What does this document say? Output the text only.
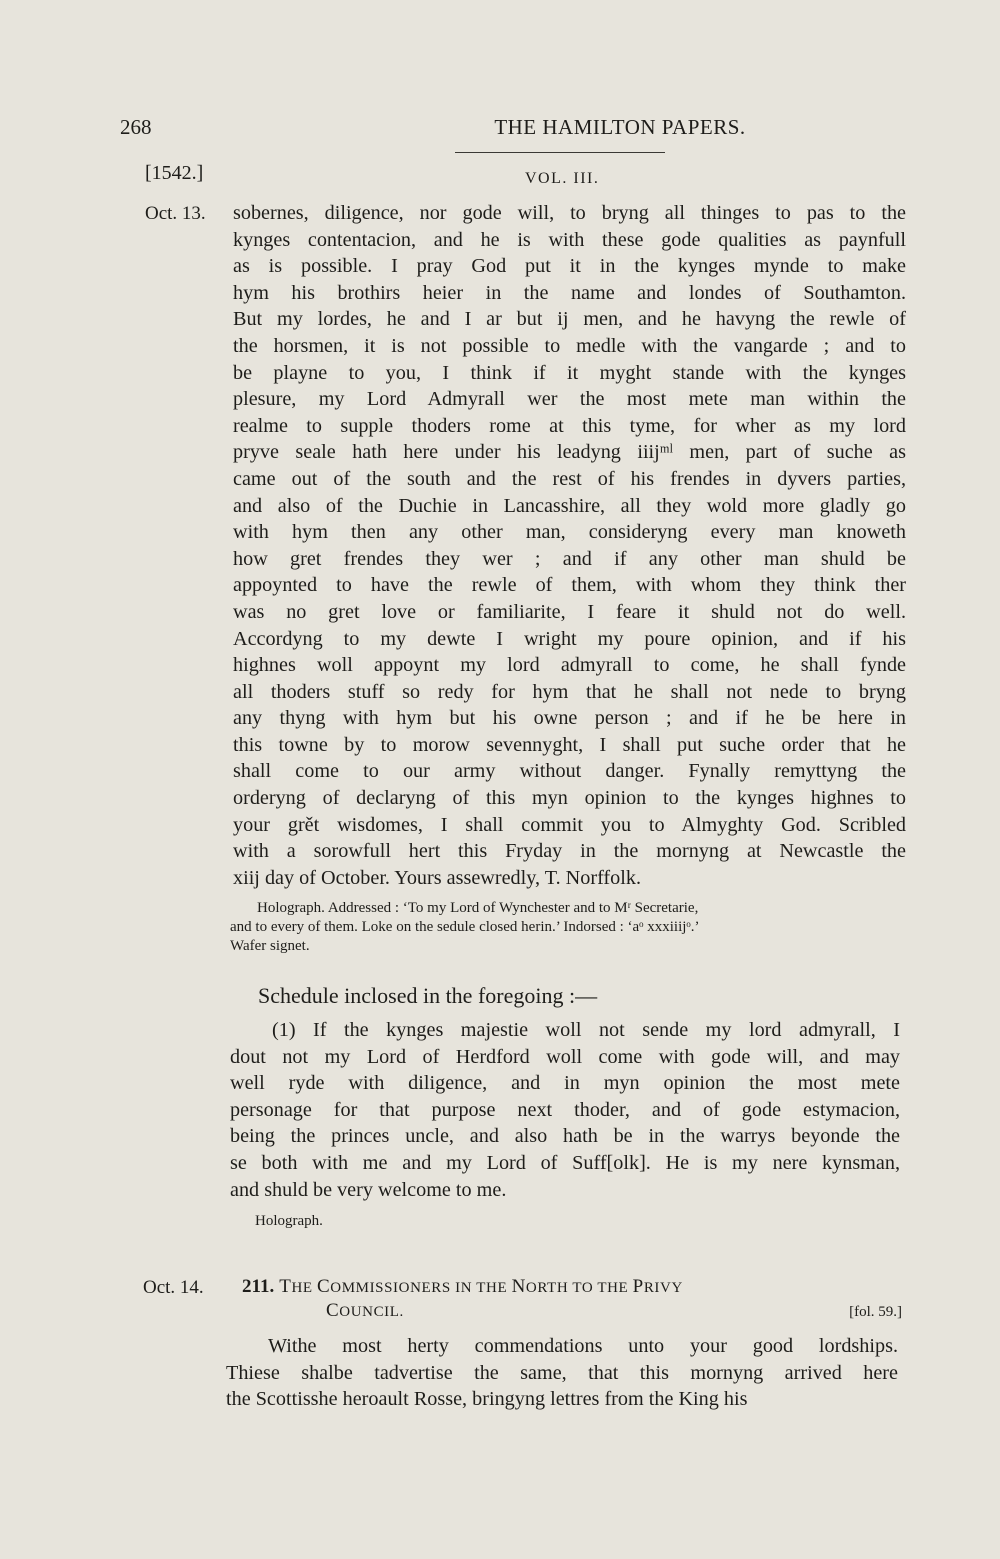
268	THE HAMILTON PAPERS.
[1542.]	VOL. III.
Oct. 13. sobernes, diligence, nor gode will, to bryng all thinges to pas to the
kynges contentacion, and he is with these gode qualities as paynfull
as is possible. I pray God put it in the kynges mynde to make
hym his brothirs heier in the name and londes of Southamton.
But my lordes, he and I ar but ij men, and he havyng the rewle of
the horsmen, it is not possible to medle with the vangarde ; and to
be playne to you, I think if it myght stande with the kynges
plesure, my Lord Admyrall wer the most mete man within the
realme to supple thoders rome at this tyme, for wher as my lord
pryve seale hath here under his leadyng iiijᵐˡ men, part of suche as
came out of the south and the rest of his frendes in dyvers parties,
and also of the Duchie in Lancasshire, all they wold more gladly go
with hym then any other man, consideryng every man knoweth
how gret frendes they wer ; and if any other man shuld be
appoynted to have the rewle of them, with whom they think ther
was no gret love or familiarite, I feare it shuld not do well.
Accordyng to my dewte I wright my poure opinion, and if his
highnes woll appoynt my lord admyrall to come, he shall fynde
all thoders stuff so redy for hym that he shall not nede to bryng
any thyng with hym but his owne person ; and if he be here in
this towne by to morow sevennyght, I shall put suche order that he
shall come to our army without danger. Fynally remyttyng the
orderyng of declaryng of this myn opinion to the kynges highnes to
your grět wisdomes, I shall commit you to Almyghty God. Scribled
with a sorowfull hert this Fryday in the mornyng at Newcastle the
xiij day of October. Yours assewredly, T. Norffolk.
Holograph. Addressed : ‘To my Lord of Wynchester and to Mʳ Secretarie,
and to every of them. Loke on the sedule closed herin.’ Indorsed : ‘aᵒ xxxiiijᵒ.’
Wafer signet.
Schedule inclosed in the foregoing :—
(1) If the kynges majestie woll not sende my lord admyrall, I
dout not my Lord of Herdford woll come with gode will, and may
well ryde with diligence, and in myn opinion the most mete
personage for that purpose next thoder, and of gode estymacion,
being the princes uncle, and also hath be in the warrys beyonde the
se both with me and my Lord of Suff[olk]. He is my nere kynsman,
and shuld be very welcome to me.
Holograph.
Oct. 14. 211. THE COMMISSIONERS IN THE NORTH TO THE PRIVY
COUNCIL.	[fol. 59.]
Withe most herty commendations unto your good lordships.
Thiese shalbe tadvertise the same, that this mornyng arrived here
the Scottisshe heroault Rosse, bringyng lettres from the King his
